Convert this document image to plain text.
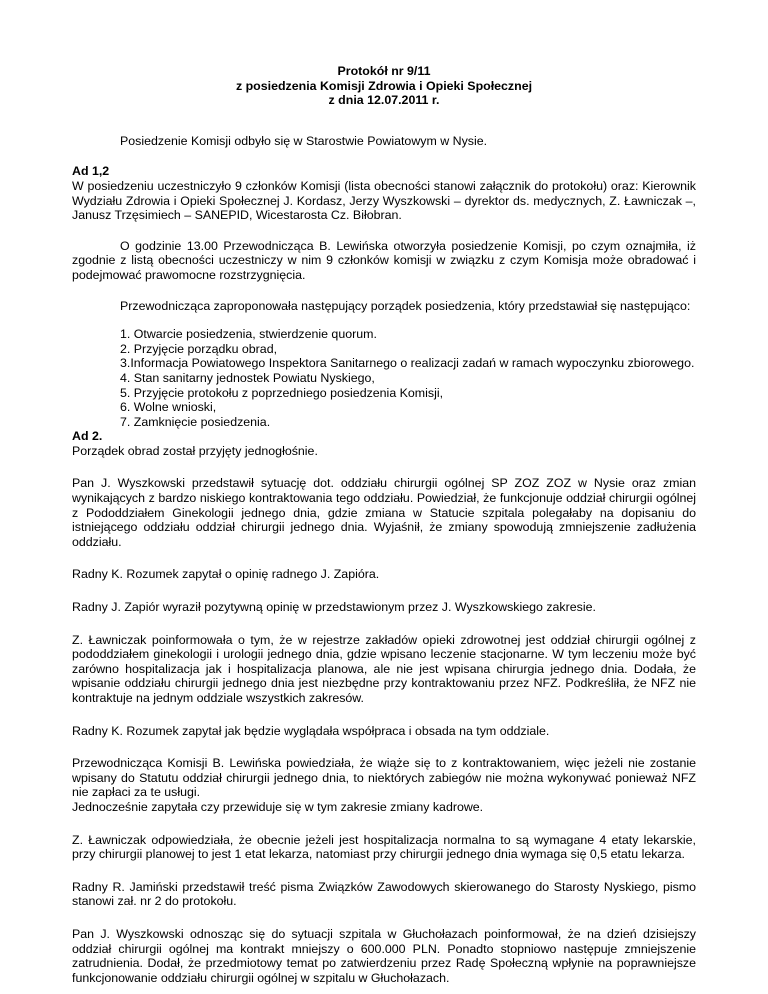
Protokół nr 9/11
z posiedzenia Komisji Zdrowia i Opieki Społecznej
z dnia 12.07.2011 r.

Posiedzenie Komisji odbyło się w Starostwie Powiatowym w Nysie.

Ad 1,2

W posiedzeniu uczestniczyło 9 członków Komisji (lista obecności stanowi załącznik do protokołu) oraz: Kierownik Wydziału Zdrowia i Opieki Społecznej J. Kordasz, Jerzy Wyszkowski – dyrektor ds. medycznych, Z. Ławniczak –, Janusz Trzęsimiech – SANEPID, Wicestarosta Cz. Biłobran.

O godzinie 13.00 Przewodnicząca B. Lewińska otworzyła posiedzenie Komisji, po czym oznajmiła, iż zgodnie z listą obecności uczestniczy w nim 9 członków komisji w związku z czym Komisja może obradować i podejmować prawomocne rozstrzygnięcia.

Przewodnicząca zaproponowała następujący porządek posiedzenia, który przedstawiał się następująco:

1. Otwarcie posiedzenia, stwierdzenie quorum.
2. Przyjęcie porządku obrad,
3.Informacja Powiatowego Inspektora Sanitarnego o realizacji zadań w ramach wypoczynku zbiorowego.
4. Stan sanitarny jednostek Powiatu Nyskiego,
5. Przyjęcie protokołu z poprzedniego posiedzenia Komisji,
6. Wolne wnioski,
7. Zamknięcie posiedzenia.

Ad 2.

Porządek obrad został przyjęty jednogłośnie.

Pan J. Wyszkowski przedstawił sytuację dot. oddziału chirurgii ogólnej SP ZOZ ZOZ w Nysie oraz zmian wynikających z bardzo niskiego kontraktowania tego oddziału. Powiedział, że funkcjonuje oddział chirurgii ogólnej z Pododdziałem Ginekologii jednego dnia, gdzie zmiana w Statucie szpitala polegałaby na dopisaniu do istniejącego oddziału oddział chirurgii jednego dnia. Wyjaśnił, że zmiany spowodują zmniejszenie zadłużenia oddziału.

Radny K. Rozumek zapytał o opinię radnego J. Zapióra.

Radny J. Zapiór wyraził pozytywną opinię w przedstawionym przez J. Wyszkowskiego zakresie.

Z. Ławniczak poinformowała o tym, że w rejestrze zakładów opieki zdrowotnej jest oddział chirurgii ogólnej z pododdziałem ginekologii i urologii jednego dnia, gdzie wpisano leczenie stacjonarne. W tym leczeniu może być zarówno hospitalizacja jak i hospitalizacja planowa, ale nie jest wpisana chirurgia jednego dnia. Dodała, że wpisanie oddziału chirurgii jednego dnia jest niezbędne przy kontraktowaniu przez NFZ. Podkreśliła, że NFZ nie kontraktuje na jednym oddziale wszystkich zakresów.

Radny K. Rozumek zapytał jak będzie wyglądała współpraca i obsada na tym oddziale.

Przewodnicząca Komisji B. Lewińska powiedziała, że wiąże się to z kontraktowaniem, więc jeżeli nie zostanie wpisany do Statutu oddział chirurgii jednego dnia, to niektórych zabiegów nie można wykonywać ponieważ NFZ nie zapłaci za te usługi.

Jednocześnie zapytała czy przewiduje się w tym zakresie zmiany kadrowe.

Z. Ławniczak odpowiedziała, że obecnie jeżeli jest hospitalizacja normalna to są wymagane 4 etaty lekarskie, przy chirurgii planowej to jest 1 etat lekarza, natomiast przy chirurgii jednego dnia wymaga się 0,5 etatu lekarza.

Radny R. Jamiński przedstawił treść pisma Związków Zawodowych skierowanego do Starosty Nyskiego, pismo stanowi zał. nr 2 do protokołu.

Pan J. Wyszkowski odnosząc się do sytuacji szpitala w Głuchołazach poinformował, że na dzień dzisiejszy oddział chirurgii ogólnej ma kontrakt mniejszy o 600.000 PLN. Ponadto stopniowo następuje zmniejszenie zatrudnienia. Dodał, że przedmiotowy temat po zatwierdzeniu przez Radę Społeczną wpłynie na poprawniejsze funkcjonowanie oddziału chirurgii ogólnej w szpitalu w Głuchołazach.
